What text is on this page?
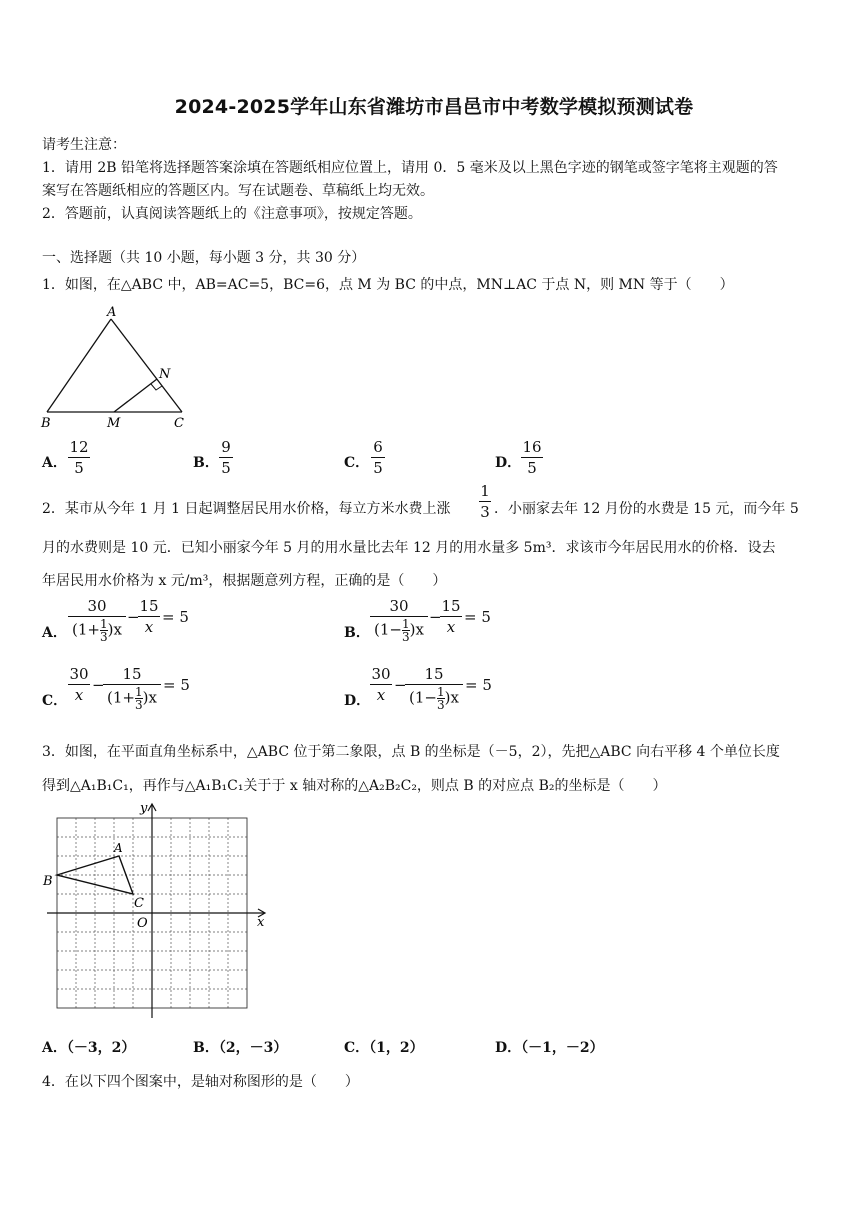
2024-2025学年山东省潍坊市昌邑市中考数学模拟预测试卷
请考生注意：
1．请用 2B 铅笔将选择题答案涂填在答题纸相应位置上，请用 0．5 毫米及以上黑色字迹的钢笔或签字笔将主观题的答
案写在答题纸相应的答题区内。写在试题卷、草稿纸上均无效。
2．答题前，认真阅读答题纸上的《注意事项》，按规定答题。
一、选择题（共 10 小题，每小题 3 分，共 30 分）
1．如图，在△ABC 中，AB=AC=5，BC=6，点 M 为 BC 的中点，MN⊥AC 于点 N，则 MN 等于（　　）
A
B	M	C
N
A．
12
5	B．
9
5	C．
6
5	D．
16
5
2．某市从今年 1 月 1 日起调整居民用水价格，每立方米水费上涨
1
3 ．小丽家去年 12 月份的水费是 15 元，而今年 5
月的水费则是 10 元．已知小丽家今年 5 月的用水量比去年 12 月的用水量多 5m³．求该市今年居民用水的价格．设去
年居民用水价格为 x 元/m³，根据题意列方程，正确的是（　　）
A．
30
$(1+ \frac{1}{3} )x$
−
15
x
= 5
B．
30
$(1- \frac{1}{3} )x$
−
15
x
= 5
C．
30
x
−
15
$(1+ \frac{1}{3} )x$
= 5
D．
30
x
−
15
$(1- \frac{1}{3} )x$
= 5
3．如图，在平面直角坐标系中，△ABC 位于第二象限，点 B 的坐标是（－5，2），先把△ABC 向右平移 4 个单位长度
得到△A₁B₁C₁，再作与△A₁B₁C₁关于于 x 轴对称的△A₂B₂C₂，则点 B 的对应点 B₂的坐标是（　　）
B
A
C
O	x
y
A．（－3，2）	B．（2，－3）	C．（1，2）	D．（－1，－2）
4．在以下四个图案中，是轴对称图形的是（　　）
